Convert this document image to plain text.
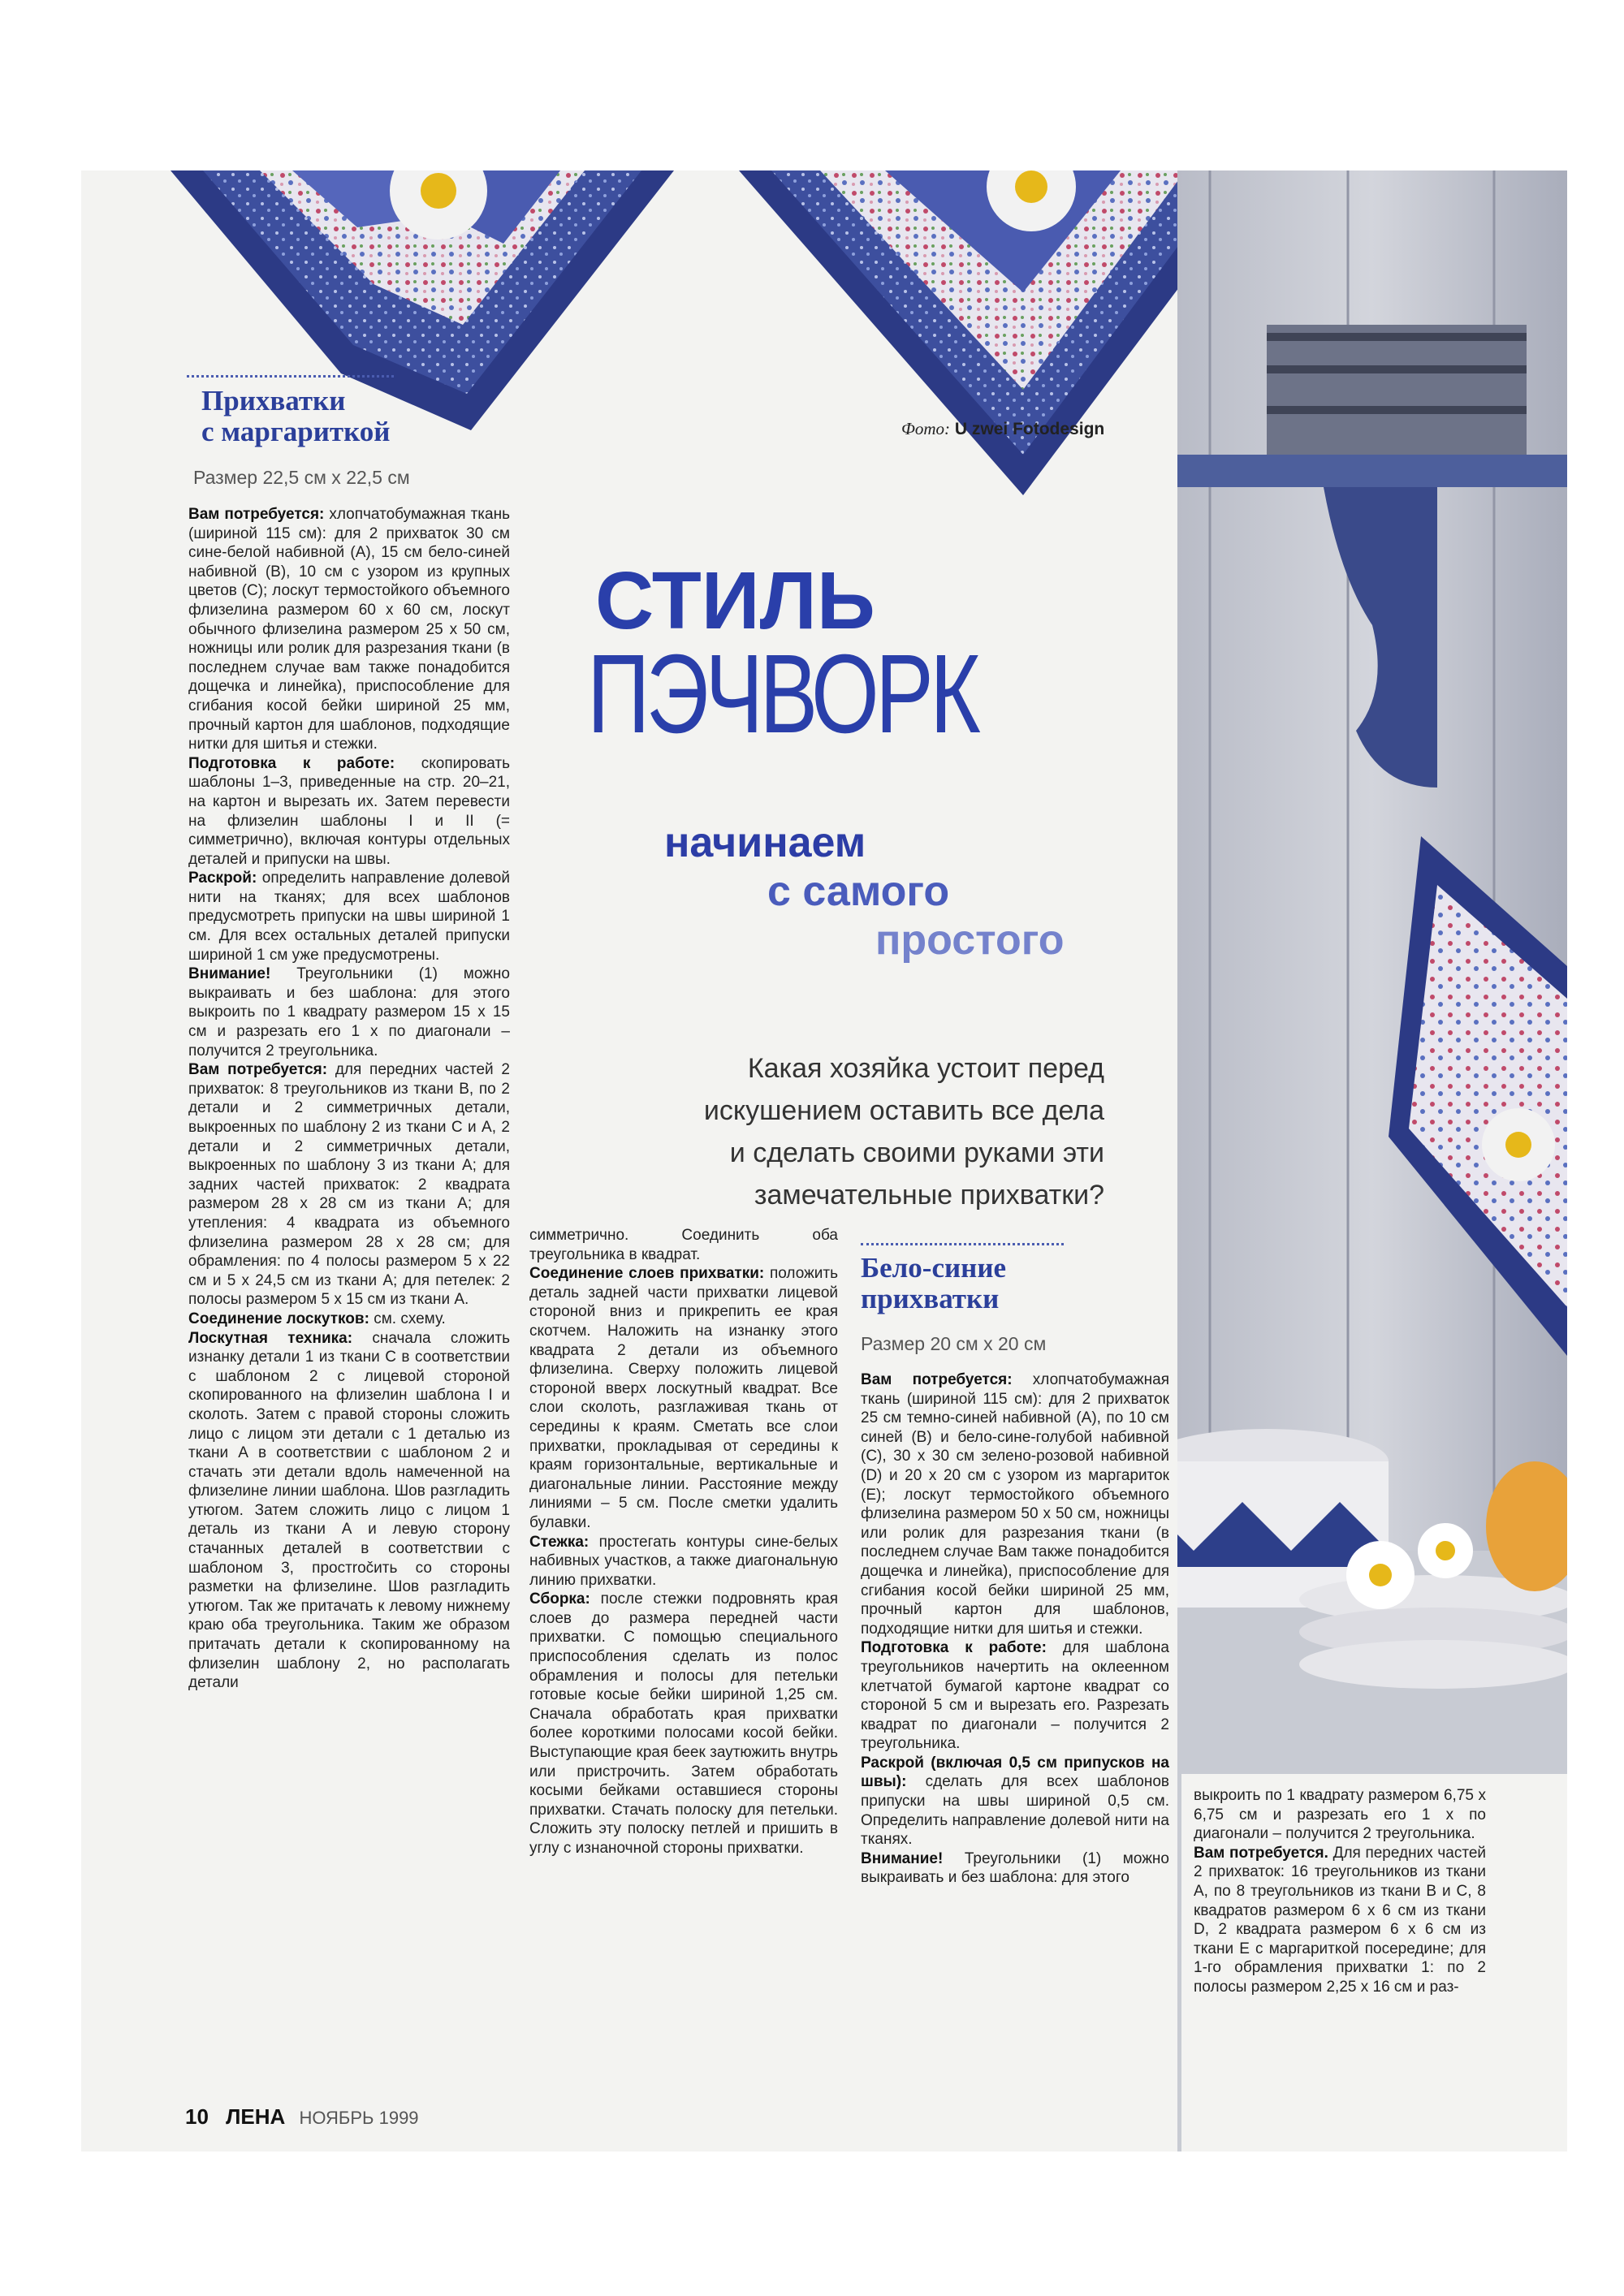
Прихватки
с маргариткой
Размер 22,5 см x 22,5 см
Фото: U zwei Fotodesign
СТИЛЬ
ПЭЧВОРК
начинаем
с самого
простого
Какая хозяйка устоит перед
искушением оставить все дела
и сделать своими руками эти
замечательные прихватки?

Вам потребуется: хлопчатобумажная ткань (шириной 115 см): для 2 прихваток 30 см сине-белой набивной (А), 15 см бело-синей набивной (В), 10 см с узором из крупных цветов (С); лоскут термостойкого объемного флизелина размером 60 x 60 см, лоскут обычного флизелина размером 25 x 50 см, ножницы или ролик для разрезания ткани (в последнем случае вам также понадобится дощечка и линейка), приспособление для сгибания косой бейки шириной 25 мм, прочный картон для шаблонов, подходящие нитки для шитья и стежки.

Подготовка к работе: скопировать шаблоны 1–3, приведенные на стр. 20–21, на картон и вырезать их. Затем перевести на флизелин шаблоны I и II (= симметрично), включая контуры отдельных деталей и припуски на швы.

Раскрой: определить направление долевой нити на тканях; для всех шаблонов предусмотреть припуски на швы шириной 1 см. Для всех остальных деталей припуски шириной 1 см уже предусмотрены.

Внимание! Треугольники (1) можно выкраивать и без шаблона: для этого выкроить по 1 квадрату размером 15 x 15 см и разрезать его 1 x по диагонали – получится 2 треугольника.

Вам потребуется: для передних частей 2 прихваток: 8 треугольников из ткани В, по 2 детали и 2 симметричных детали, выкроенных по шаблону 2 из ткани С и А, 2 детали и 2 симметричных детали, выкроенных по шаблону 3 из ткани А; для задних частей прихваток: 2 квадрата размером 28 x 28 см из ткани А; для утепления: 4 квадрата из объемного флизелина размером 28 x 28 см; для обрамления: по 4 полосы размером 5 x 22 см и 5 x 24,5 см из ткани А; для петелек: 2 полосы размером 5 x 15 см из ткани А.

Соединение лоскутков: см. схему.

Лоскутная техника: сначала сложить изнанку детали 1 из ткани С в соответствии с шаблоном 2 с лицевой стороной скопированного на флизелин шаблона I и сколоть. Затем с правой стороны сложить лицо с лицом эти детали с 1 деталью из ткани А в соответствии с шаблоном 2 и стачать эти детали вдоль намеченной на флизелине линии шаблона. Шов разгладить утюгом. Затем сложить лицо с лицом 1 деталь из ткани А и левую сторону стачанных деталей в соответствии с шаблоном 3, простročить со стороны разметки на флизелине. Шов разгладить утюгом. Так же притачать к левому нижнему краю оба треугольника. Таким же образом притачать детали к скопированному на флизелин шаблону 2, но располагать детали

симметрично. Соединить оба треугольника в квадрат.

Соединение слоев прихватки: положить деталь задней части прихватки лицевой стороной вниз и прикрепить ее края скотчем. Наложить на изнанку этого квадрата 2 детали из объемного флизелина. Сверху положить лицевой стороной вверх лоскутный квадрат. Все слои сколоть, разглаживая ткань от середины к краям. Сметать все слои прихватки, прокладывая от середины к краям горизонтальные, вертикальные и диагональные линии. Расстояние между линиями – 5 см. После сметки удалить булавки.

Стежка: простегать контуры сине-белых набивных участков, а также диагональную линию прихватки.

Сборка: после стежки подровнять края слоев до размера передней части прихватки. С помощью специального приспособления сделать из полос обрамления и полосы для петельки готовые косые бейки шириной 1,25 см. Сначала обработать края прихватки более короткими полосами косой бейки. Выступающие края беек заутюжить внутрь или пристрочить. Затем обработать косыми бейками оставшиеся стороны прихватки. Стачать полоску для петельки. Сложить эту полоску петлей и пришить в углу с изнаночной стороны прихватки.

Бело-синие
прихватки
Размер 20 см x 20 см

Вам потребуется: хлопчатобумажная ткань (шириной 115 см): для 2 прихваток 25 см темно-синей набивной (А), по 10 см синей (В) и бело-сине-голубой набивной (С), 30 x 30 см зелено-розовой набивной (D) и 20 x 20 см с узором из маргариток (Е); лоскут термостойкого объемного флизелина размером 50 x 50 см, ножницы или ролик для разрезания ткани (в последнем случае Вам также понадобится дощечка и линейка), приспособление для сгибания косой бейки шириной 25 мм, прочный картон для шаблонов, подходящие нитки для шитья и стежки.

Подготовка к работе: для шаблона треугольников начертить на оклеенном клетчатой бумагой картоне квадрат со стороной 5 см и вырезать его. Разрезать квадрат по диагонали – получится 2 треугольника.

Раскрой (включая 0,5 см припусков на швы): сделать для всех шаблонов припуски на швы шириной 0,5 см. Определить направление долевой нити на тканях.

Внимание! Треугольники (1) можно выкраивать и без шаблона: для этого

выкроить по 1 квадрату размером 6,75 x 6,75 см и разрезать его 1 x по диагонали – получится 2 треугольника.

Вам потребуется. Для передних частей 2 прихваток: 16 треугольников из ткани А, по 8 треугольников из ткани В и С, 8 квадратов размером 6 x 6 см из ткани D, 2 квадрата размером 6 x 6 см из ткани Е с маргариткой посередине; для 1-го обрамления прихватки 1: по 2 полосы размером 2,25 x 16 см и раз-

10 ЛЕНА НОЯБРЬ 1999
